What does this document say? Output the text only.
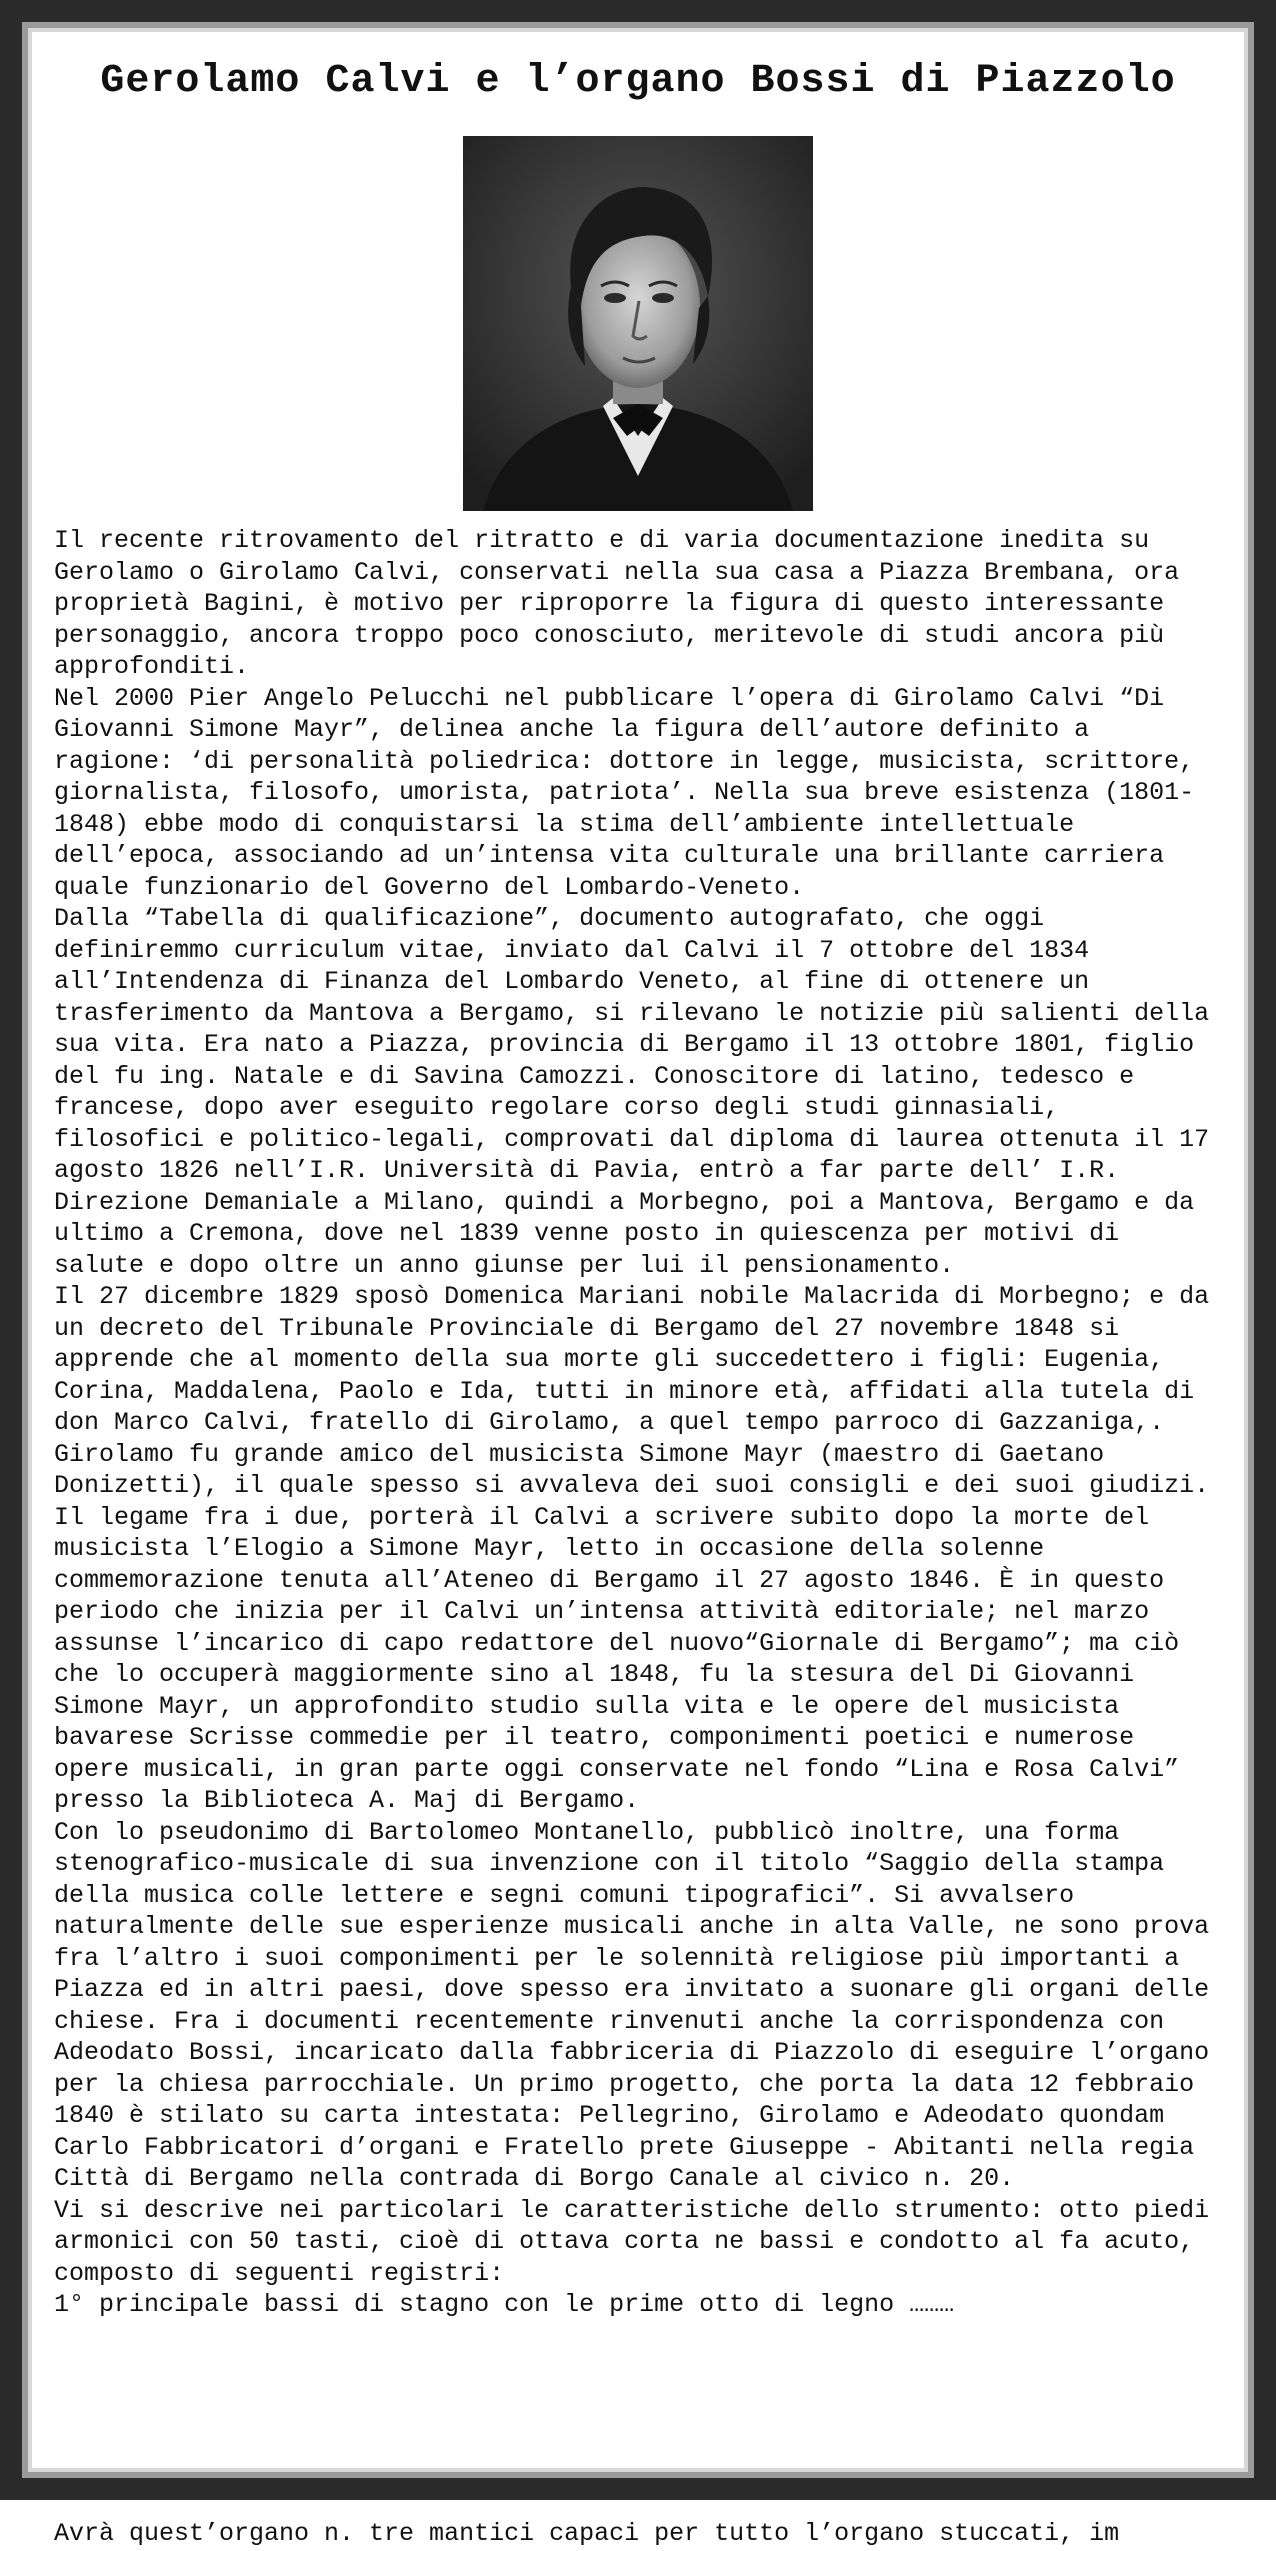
Gerolamo Calvi e l’organo Bossi di Piazzolo

Il recente ritrovamento del ritratto e di varia documentazione inedita su Gerolamo o Girolamo Calvi, conservati nella sua casa a Piazza Brembana, ora proprietà Bagini, è motivo per riproporre la figura di questo interessante personaggio, ancora troppo poco conosciuto, meritevole di studi ancora più approfonditi.

Nel 2000 Pier Angelo Pelucchi nel pubblicare l’opera di Girolamo Calvi “Di Giovanni Simone Mayr”, delinea anche la figura dell’autore definito a ragione: ‘di personalità poliedrica: dottore in legge, musicista, scrittore, giornalista, filosofo, umorista, patriota’. Nella sua breve esistenza (1801-1848) ebbe modo di conquistarsi la stima dell’ambiente intellettuale dell’epoca, associando ad un’intensa vita culturale una brillante carriera quale funzionario del Governo del Lombardo-Veneto.

Dalla “Tabella di qualificazione”, documento autografato, che oggi definiremmo curriculum vitae, inviato dal Calvi il 7 ottobre del 1834 all’Intendenza di Finanza del Lombardo Veneto, al fine di ottenere un trasferimento da Mantova a Bergamo, si rilevano le notizie più salienti della sua vita. Era nato a Piazza, provincia di Bergamo il 13 ottobre 1801, figlio del fu ing. Natale e di Savina Camozzi. Conoscitore di latino, tedesco e francese, dopo aver eseguito regolare corso degli studi ginnasiali, filosofici e politico-legali, comprovati dal diploma di laurea ottenuta il 17 agosto 1826 nell’I.R. Università di Pavia, entrò a far parte dell’ I.R. Direzione Demaniale a Milano, quindi a Morbegno, poi a Mantova, Bergamo e da ultimo a Cremona, dove nel 1839 venne posto in quiescenza per motivi di salute e dopo oltre un anno giunse per lui il pensionamento.

Il 27 dicembre 1829 sposò Domenica Mariani nobile Malacrida di Morbegno; e da un decreto del Tribunale Provinciale di Bergamo del 27 novembre 1848 si apprende che al momento della sua morte gli succedettero i figli: Eugenia, Corina, Maddalena, Paolo e Ida, tutti in minore età, affidati alla tutela di don Marco Calvi, fratello di Girolamo, a quel tempo parroco di Gazzaniga,.

Girolamo fu grande amico del musicista Simone Mayr (maestro di Gaetano Donizetti), il quale spesso si avvaleva dei suoi consigli e dei suoi giudizi. Il legame fra i due, porterà il Calvi a scrivere subito dopo la morte del musicista l’Elogio a Simone Mayr, letto in occasione della solenne commemorazione tenuta all’Ateneo di Bergamo il 27 agosto 1846. È in questo periodo che inizia per il Calvi un’intensa attività editoriale; nel marzo assunse l’incarico di capo redattore del nuovo“Giornale di Bergamo”; ma ciò che lo occuperà maggiormente sino al 1848, fu la stesura del Di Giovanni Simone Mayr, un approfondito studio sulla vita e le opere del musicista bavarese Scrisse commedie per il teatro, componimenti poetici e numerose opere musicali, in gran parte oggi conservate nel fondo “Lina e Rosa Calvi” presso la Biblioteca A. Maj di Bergamo.

Con lo pseudonimo di Bartolomeo Montanello, pubblicò inoltre, una forma stenografico-musicale di sua invenzione con il titolo “Saggio della stampa della musica colle lettere e segni comuni tipografici”. Si avvalsero naturalmente delle sue esperienze musicali anche in alta Valle, ne sono prova fra l’altro i suoi componimenti per le solennità religiose più importanti a Piazza ed in altri paesi, dove spesso era invitato a suonare gli organi delle chiese. Fra i documenti recentemente rinvenuti anche la corrispondenza con Adeodato Bossi, incaricato dalla fabbriceria di Piazzolo di eseguire l’organo per la chiesa parrocchiale. Un primo progetto, che porta la data 12 febbraio 1840 è stilato su carta intestata: Pellegrino, Girolamo e Adeodato quondam Carlo Fabbricatori d’organi e Fratello prete Giuseppe - Abitanti nella regia Città di Bergamo nella contrada di Borgo Canale al civico n. 20.

Vi si descrive nei particolari le caratteristiche dello strumento: otto piedi armonici con 50 tasti, cioè di ottava corta ne bassi e condotto al fa acuto, composto di seguenti registri:

1° principale bassi di stagno con le prime otto di legno ………

Avrà quest’organo n. tre mantici capaci per tutto l’organo stuccati, im
